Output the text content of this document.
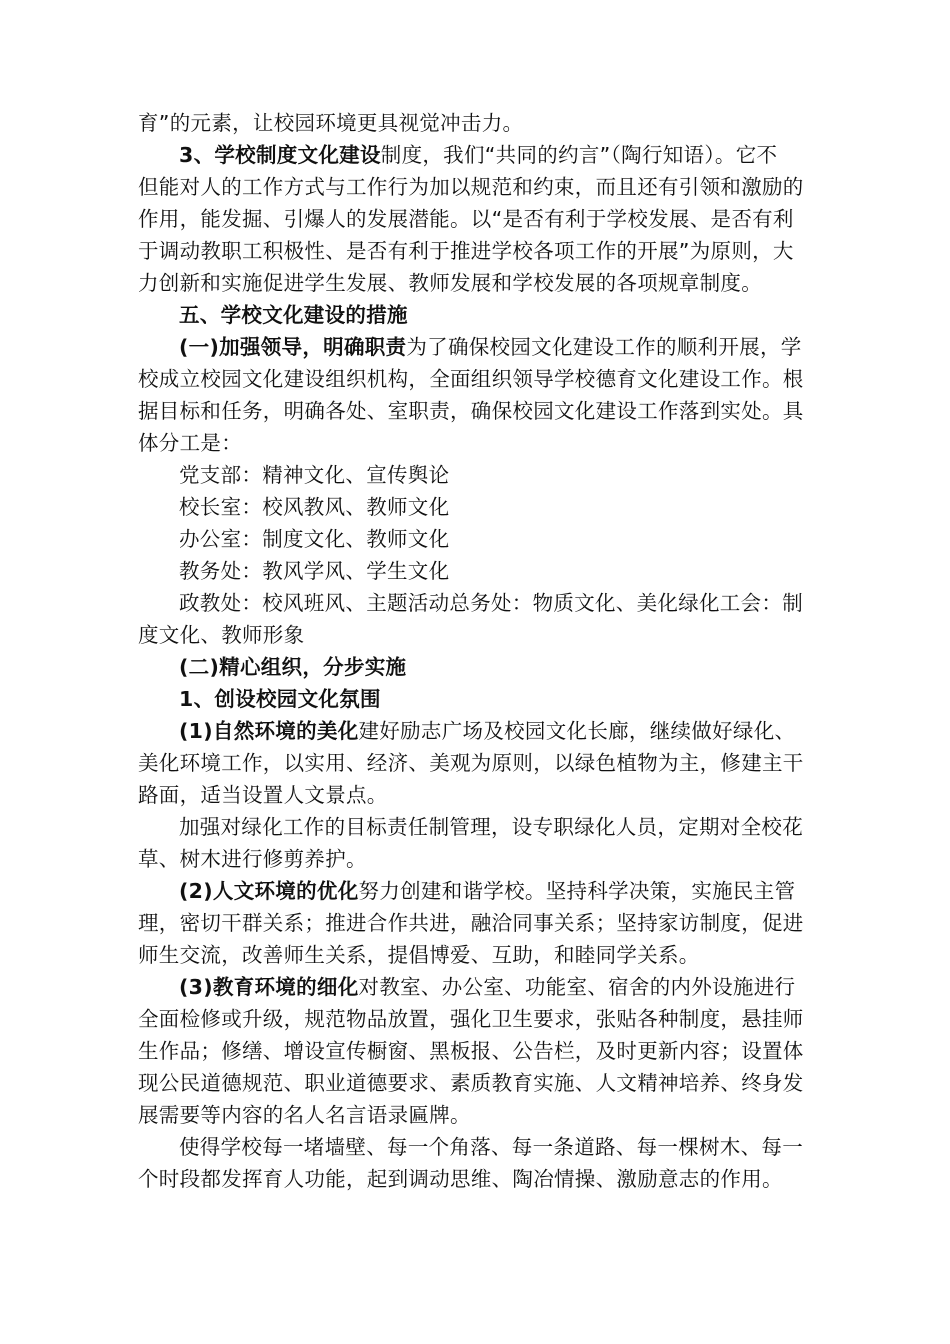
育”的元素，让校园环境更具视觉冲击力。
3、学校制度文化建设制度，我们“共同的约言”（陶行知语）。它不
但能对人的工作方式与工作行为加以规范和约束，而且还有引领和激励的
作用，能发掘、引爆人的发展潜能。以“是否有利于学校发展、是否有利
于调动教职工积极性、是否有利于推进学校各项工作的开展”为原则，大
力创新和实施促进学生发展、教师发展和学校发展的各项规章制度。
五、学校文化建设的措施
(一)加强领导，明确职责为了确保校园文化建设工作的顺利开展，学
校成立校园文化建设组织机构，全面组织领导学校德育文化建设工作。根
据目标和任务，明确各处、室职责，确保校园文化建设工作落到实处。具
体分工是：
党支部：精神文化、宣传舆论
校长室：校风教风、教师文化
办公室：制度文化、教师文化
教务处：教风学风、学生文化
政教处：校风班风、主题活动总务处：物质文化、美化绿化工会：制
度文化、教师形象
(二)精心组织，分步实施
1、创设校园文化氛围
(1)自然环境的美化建好励志广场及校园文化长廊，继续做好绿化、
美化环境工作，以实用、经济、美观为原则，以绿色植物为主，修建主干
路面，适当设置人文景点。
加强对绿化工作的目标责任制管理，设专职绿化人员，定期对全校花
草、树木进行修剪养护。
(2)人文环境的优化努力创建和谐学校。坚持科学决策，实施民主管
理，密切干群关系；推进合作共进，融洽同事关系；坚持家访制度，促进
师生交流，改善师生关系，提倡博爱、互助，和睦同学关系。
(3)教育环境的细化对教室、办公室、功能室、宿舍的内外设施进行
全面检修或升级，规范物品放置，强化卫生要求，张贴各种制度，悬挂师
生作品；修缮、增设宣传橱窗、黑板报、公告栏，及时更新内容；设置体
现公民道德规范、职业道德要求、素质教育实施、人文精神培养、终身发
展需要等内容的名人名言语录匾牌。
使得学校每一堵墙壁、每一个角落、每一条道路、每一棵树木、每一
个时段都发挥育人功能，起到调动思维、陶冶情操、激励意志的作用。
